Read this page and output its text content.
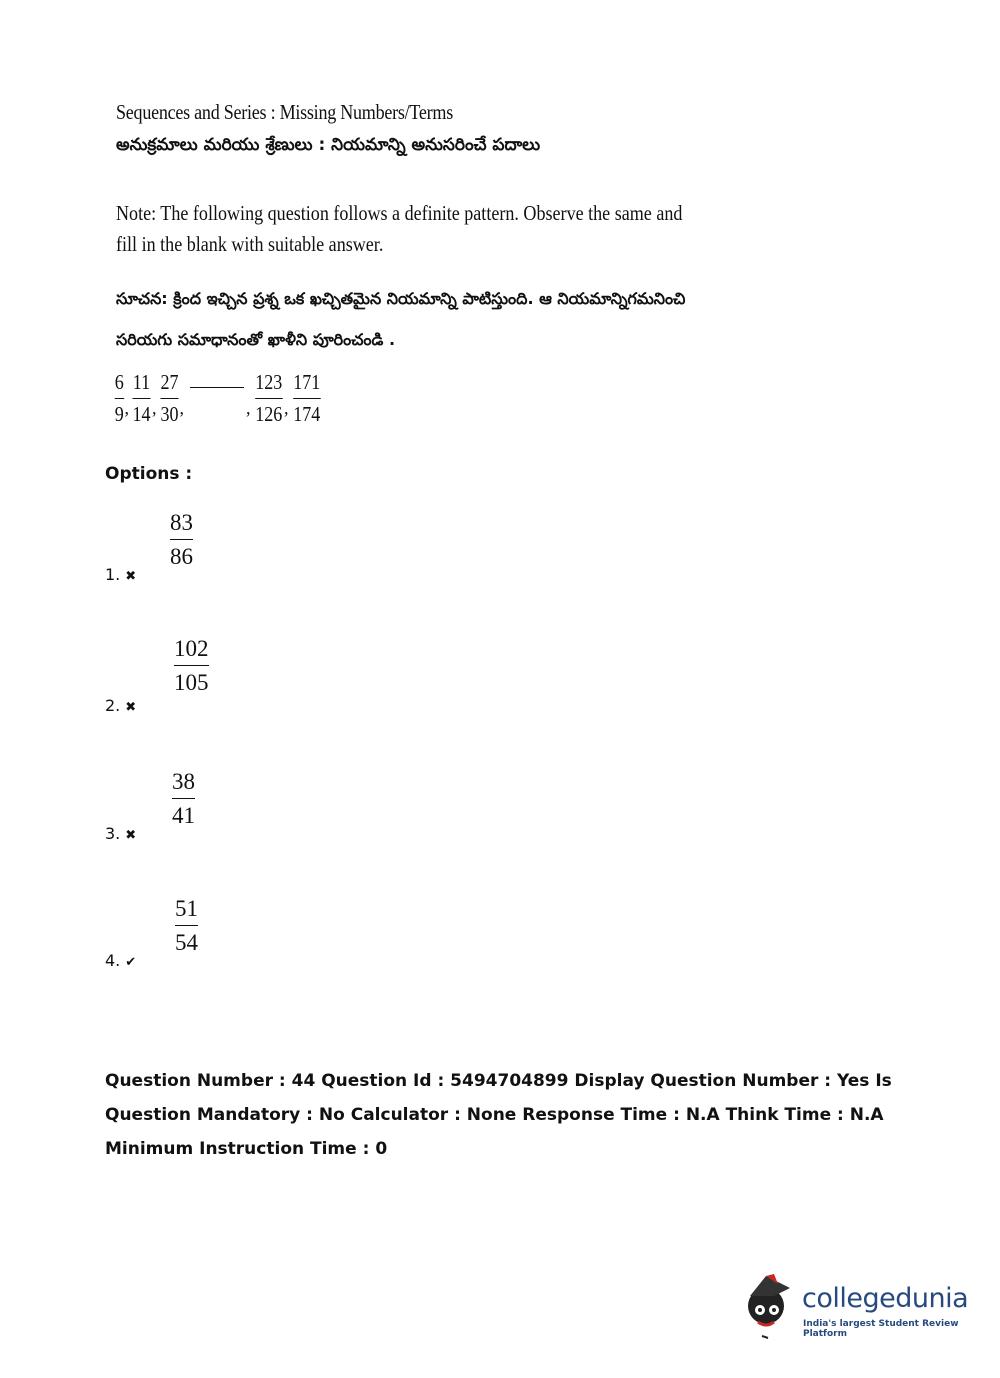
Sequences and Series : Missing Numbers/Terms
అనుక్రమాలు మరియు శ్రేణులు : నియమాన్ని అనుసరించే పదాలు
Note: The following question follows a definite pattern. Observe the same and fill in the blank with suitable answer.
సూచన: క్రింద ఇచ్చిన ప్రశ్న ఒక ఖచ్చితమైన నియమాన్ని పాటిస్తుంది. ఆ నియమాన్నిగమనించి సరియగు సమాధానంతో ఖాళీని పూరించండి .
$\frac{6}{9}$ , $\frac{11}{14}$ , $\frac{27}{30}$ ,	, $\frac{123}{126}$ , $\frac{171}{174}$
Options :
$\frac{83}{86}$
1. ✖
$\frac{102}{105}$
2. ✖
$\frac{38}{41}$
3. ✖
$\frac{51}{54}$
4. ✔
Question Number : 44 Question Id : 5494704899 Display Question Number : Yes Is Question Mandatory : No Calculator : None Response Time : N.A Think Time : N.A Minimum Instruction Time : 0
collegedunia
India's largest Student Review Platform
